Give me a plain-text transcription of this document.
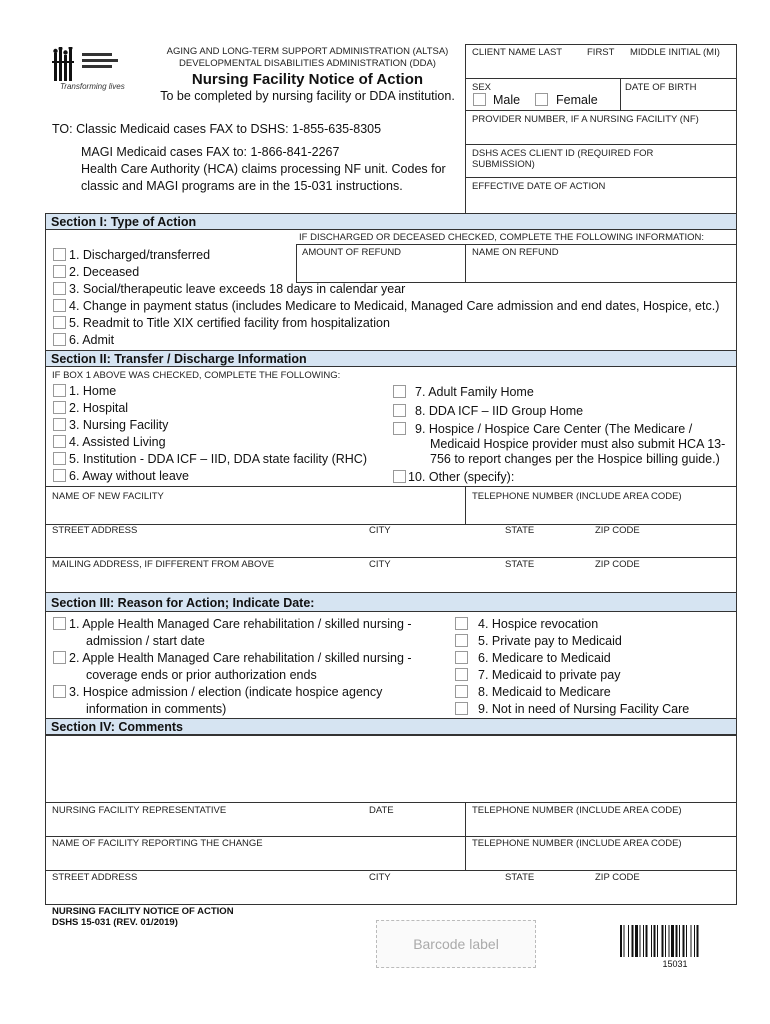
Transforming lives
AGING AND LONG-TERM SUPPORT ADMINISTRATION (ALTSA)
DEVELOPMENTAL DISABILITIES ADMINISTRATION (DDA)
Nursing Facility Notice of Action
To be completed by nursing facility or DDA institution.
CLIENT NAME LAST	FIRST MIDDLE INITIAL (MI)
SEX
Male	Female
DATE OF BIRTH
PROVIDER NUMBER, IF A NURSING FACILITY (NF)
DSHS ACES CLIENT ID (REQUIRED FOR
SUBMISSION)
EFFECTIVE DATE OF ACTION
TO: Classic Medicaid cases FAX to DSHS: 1-855-635-8305
MAGI Medicaid cases FAX to: 1-866-841-2267
Health Care Authority (HCA) claims processing NF unit. Codes for
classic and MAGI programs are in the 15-031 instructions.
Section I: Type of Action
IF DISCHARGED OR DECEASED CHECKED, COMPLETE THE FOLLOWING INFORMATION:
AMOUNT OF REFUND	NAME ON REFUND
1. Discharged/transferred
2. Deceased
3. Social/therapeutic leave exceeds 18 days in calendar year
4. Change in payment status (includes Medicare to Medicaid, Managed Care admission and end dates, Hospice, etc.)
5. Readmit to Title XIX certified facility from hospitalization
6. Admit
Section II: Transfer / Discharge Information
IF BOX 1 ABOVE WAS CHECKED, COMPLETE THE FOLLOWING:
1. Home
2. Hospital
3. Nursing Facility
4. Assisted Living
5. Institution - DDA ICF – IID, DDA state facility (RHC)
6. Away without leave
7. Adult Family Home
8. DDA ICF – IID Group Home
9. Hospice / Hospice Care Center (The Medicare /
Medicaid Hospice provider must also submit HCA 13-
756 to report changes per the Hospice billing guide.)
10. Other (specify):
NAME OF NEW FACILITY	TELEPHONE NUMBER (INCLUDE AREA CODE)
STREET ADDRESS	CITY	STATE	ZIP CODE
MAILING ADDRESS, IF DIFFERENT FROM ABOVE	CITY	STATE	ZIP CODE
Section III: Reason for Action; Indicate Date:
1. Apple Health Managed Care rehabilitation / skilled nursing -
admission / start date
2. Apple Health Managed Care rehabilitation / skilled nursing -
coverage ends or prior authorization ends
3. Hospice admission / election (indicate hospice agency
information in comments)
4. Hospice revocation
5. Private pay to Medicaid
6. Medicare to Medicaid
7. Medicaid to private pay
8. Medicaid to Medicare
9. Not in need of Nursing Facility Care
Section IV: Comments
NURSING FACILITY REPRESENTATIVE	DATE	TELEPHONE NUMBER (INCLUDE AREA CODE)
NAME OF FACILITY REPORTING THE CHANGE	TELEPHONE NUMBER (INCLUDE AREA CODE)
STREET ADDRESS	CITY	STATE	ZIP CODE
NURSING FACILITY NOTICE OF ACTION
DSHS 15-031 (REV. 01/2019)
Barcode label
15031
